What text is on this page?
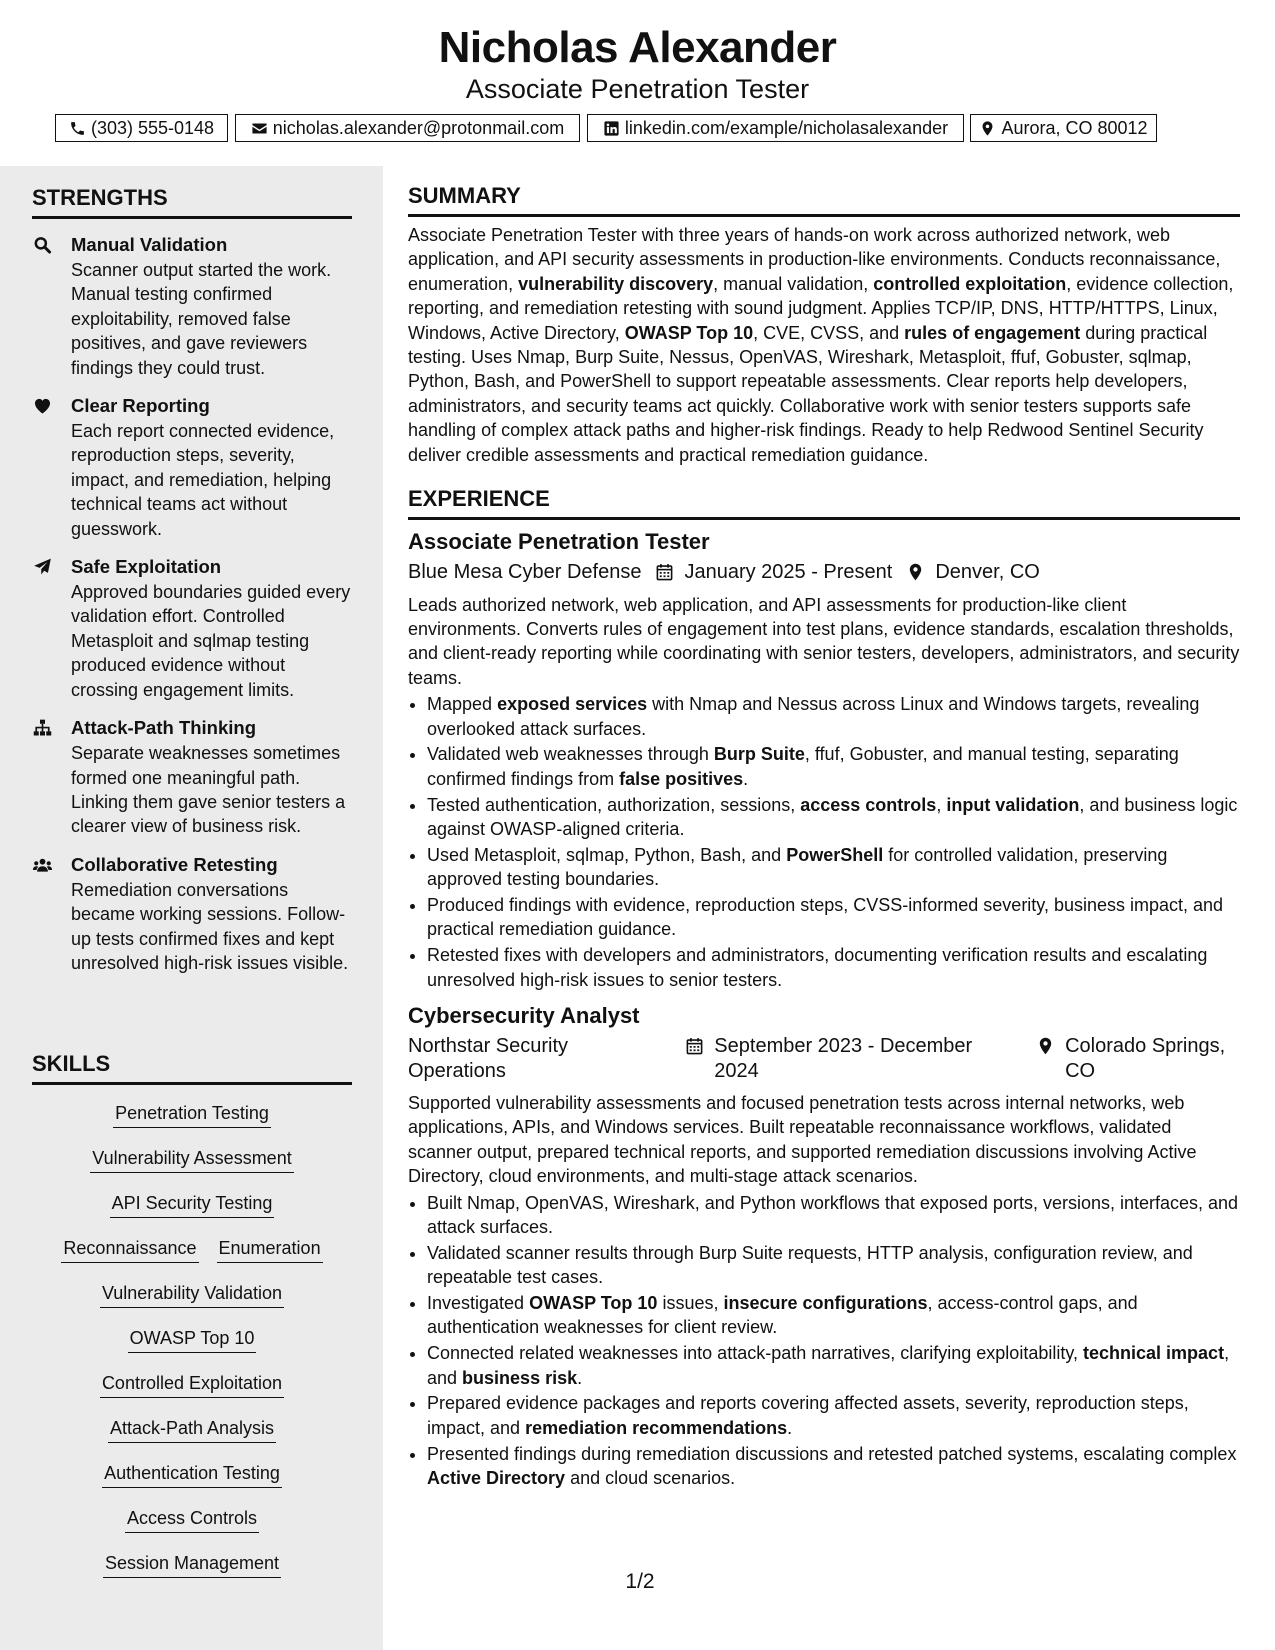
Nicholas Alexander
Associate Penetration Tester
(303) 555-0148	nicholas.alexander@protonmail.com	linkedin.com/example/nicholasalexander	Aurora, CO 80012
STRENGTHS
Manual Validation
Scanner output started the work. Manual testing confirmed exploitability, removed false positives, and gave reviewers findings they could trust.
Clear Reporting
Each report connected evidence, reproduction steps, severity, impact, and remediation, helping technical teams act without guesswork.
Safe Exploitation
Approved boundaries guided every validation effort. Controlled Metasploit and sqlmap testing produced evidence without crossing engagement limits.
Attack-Path Thinking
Separate weaknesses sometimes formed one meaningful path. Linking them gave senior testers a clearer view of business risk.
Collaborative Retesting
Remediation conversations became working sessions. Follow-up tests confirmed fixes and kept unresolved high-risk issues visible.
SKILLS
Penetration Testing
Vulnerability Assessment
API Security Testing
Reconnaissance Enumeration
Vulnerability Validation
OWASP Top 10
Controlled Exploitation
Attack-Path Analysis
Authentication Testing
Access Controls
Session Management
SUMMARY
Associate Penetration Tester with three years of hands-on work across authorized network, web application, and API security assessments in production-like environments. Conducts reconnaissance, enumeration, vulnerability discovery, manual validation, controlled exploitation, evidence collection, reporting, and remediation retesting with sound judgment. Applies TCP/IP, DNS, HTTP/HTTPS, Linux, Windows, Active Directory, OWASP Top 10, CVE, CVSS, and rules of engagement during practical testing. Uses Nmap, Burp Suite, Nessus, OpenVAS, Wireshark, Metasploit, ffuf, Gobuster, sqlmap, Python, Bash, and PowerShell to support repeatable assessments. Clear reports help developers, administrators, and security teams act quickly. Collaborative work with senior testers supports safe handling of complex attack paths and higher-risk findings. Ready to help Redwood Sentinel Security deliver credible assessments and practical remediation guidance.
EXPERIENCE
Associate Penetration Tester
Blue Mesa Cyber Defense January 2025 - Present Denver, CO
Leads authorized network, web application, and API assessments for production-like client environments. Converts rules of engagement into test plans, evidence standards, escalation thresholds, and client-ready reporting while coordinating with senior testers, developers, administrators, and security teams.
• Mapped exposed services with Nmap and Nessus across Linux and Windows targets, revealing overlooked attack surfaces.
• Validated web weaknesses through Burp Suite, ffuf, Gobuster, and manual testing, separating confirmed findings from false positives.
• Tested authentication, authorization, sessions, access controls, input validation, and business logic against OWASP-aligned criteria.
• Used Metasploit, sqlmap, Python, Bash, and PowerShell for controlled validation, preserving approved testing boundaries.
• Produced findings with evidence, reproduction steps, CVSS-informed severity, business impact, and practical remediation guidance.
• Retested fixes with developers and administrators, documenting verification results and escalating unresolved high-risk issues to senior testers.
Cybersecurity Analyst
Northstar Security Operations
September 2023 - December 2024
Colorado Springs, CO
Supported vulnerability assessments and focused penetration tests across internal networks, web applications, APIs, and Windows services. Built repeatable reconnaissance workflows, validated scanner output, prepared technical reports, and supported remediation discussions involving Active Directory, cloud environments, and multi-stage attack scenarios.
• Built Nmap, OpenVAS, Wireshark, and Python workflows that exposed ports, versions, interfaces, and attack surfaces.
• Validated scanner results through Burp Suite requests, HTTP analysis, configuration review, and repeatable test cases.
• Investigated OWASP Top 10 issues, insecure configurations, access-control gaps, and authentication weaknesses for client review.
• Connected related weaknesses into attack-path narratives, clarifying exploitability, technical impact, and business risk.
• Prepared evidence packages and reports covering affected assets, severity, reproduction steps, impact, and remediation recommendations.
• Presented findings during remediation discussions and retested patched systems, escalating complex Active Directory and cloud scenarios.
1/2
